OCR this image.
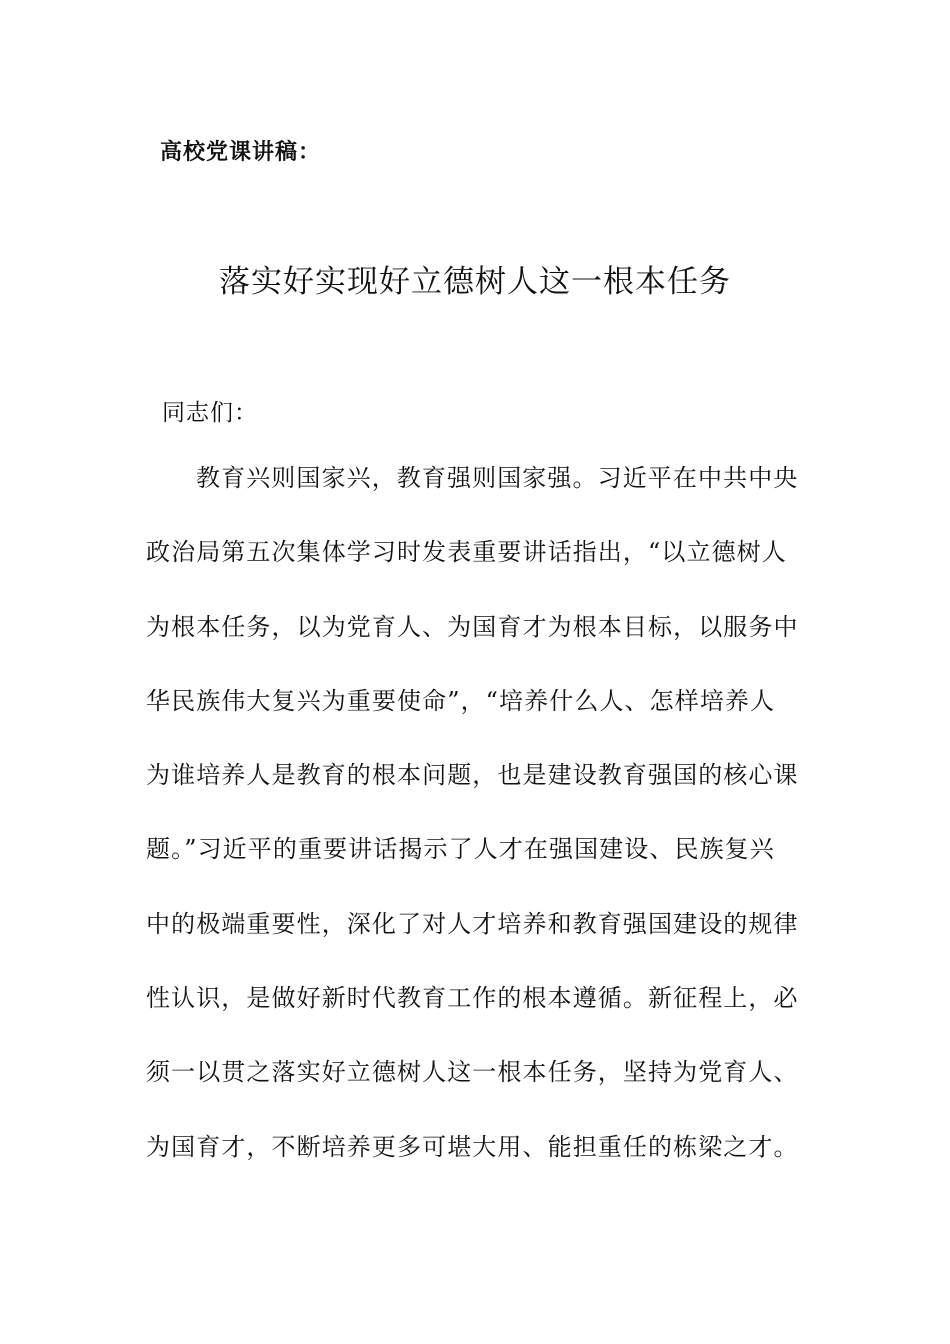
高校党课讲稿：
落实好实现好立德树人这一根本任务
同志们：
教育兴则国家兴，教育强则国家强。习近平在中共中央
政治局第五次集体学习时发表重要讲话指出，“以立德树人
为根本任务，以为党育人、为国育才为根本目标，以服务中
华民族伟大复兴为重要使命”，“培养什么人、怎样培养人
为谁培养人是教育的根本问题，也是建设教育强国的核心课
题。”习近平的重要讲话揭示了人才在强国建设、民族复兴
中的极端重要性，深化了对人才培养和教育强国建设的规律
性认识，是做好新时代教育工作的根本遵循。新征程上，必
须一以贯之落实好立德树人这一根本任务，坚持为党育人、
为国育才，不断培养更多可堪大用、能担重任的栋梁之才。
